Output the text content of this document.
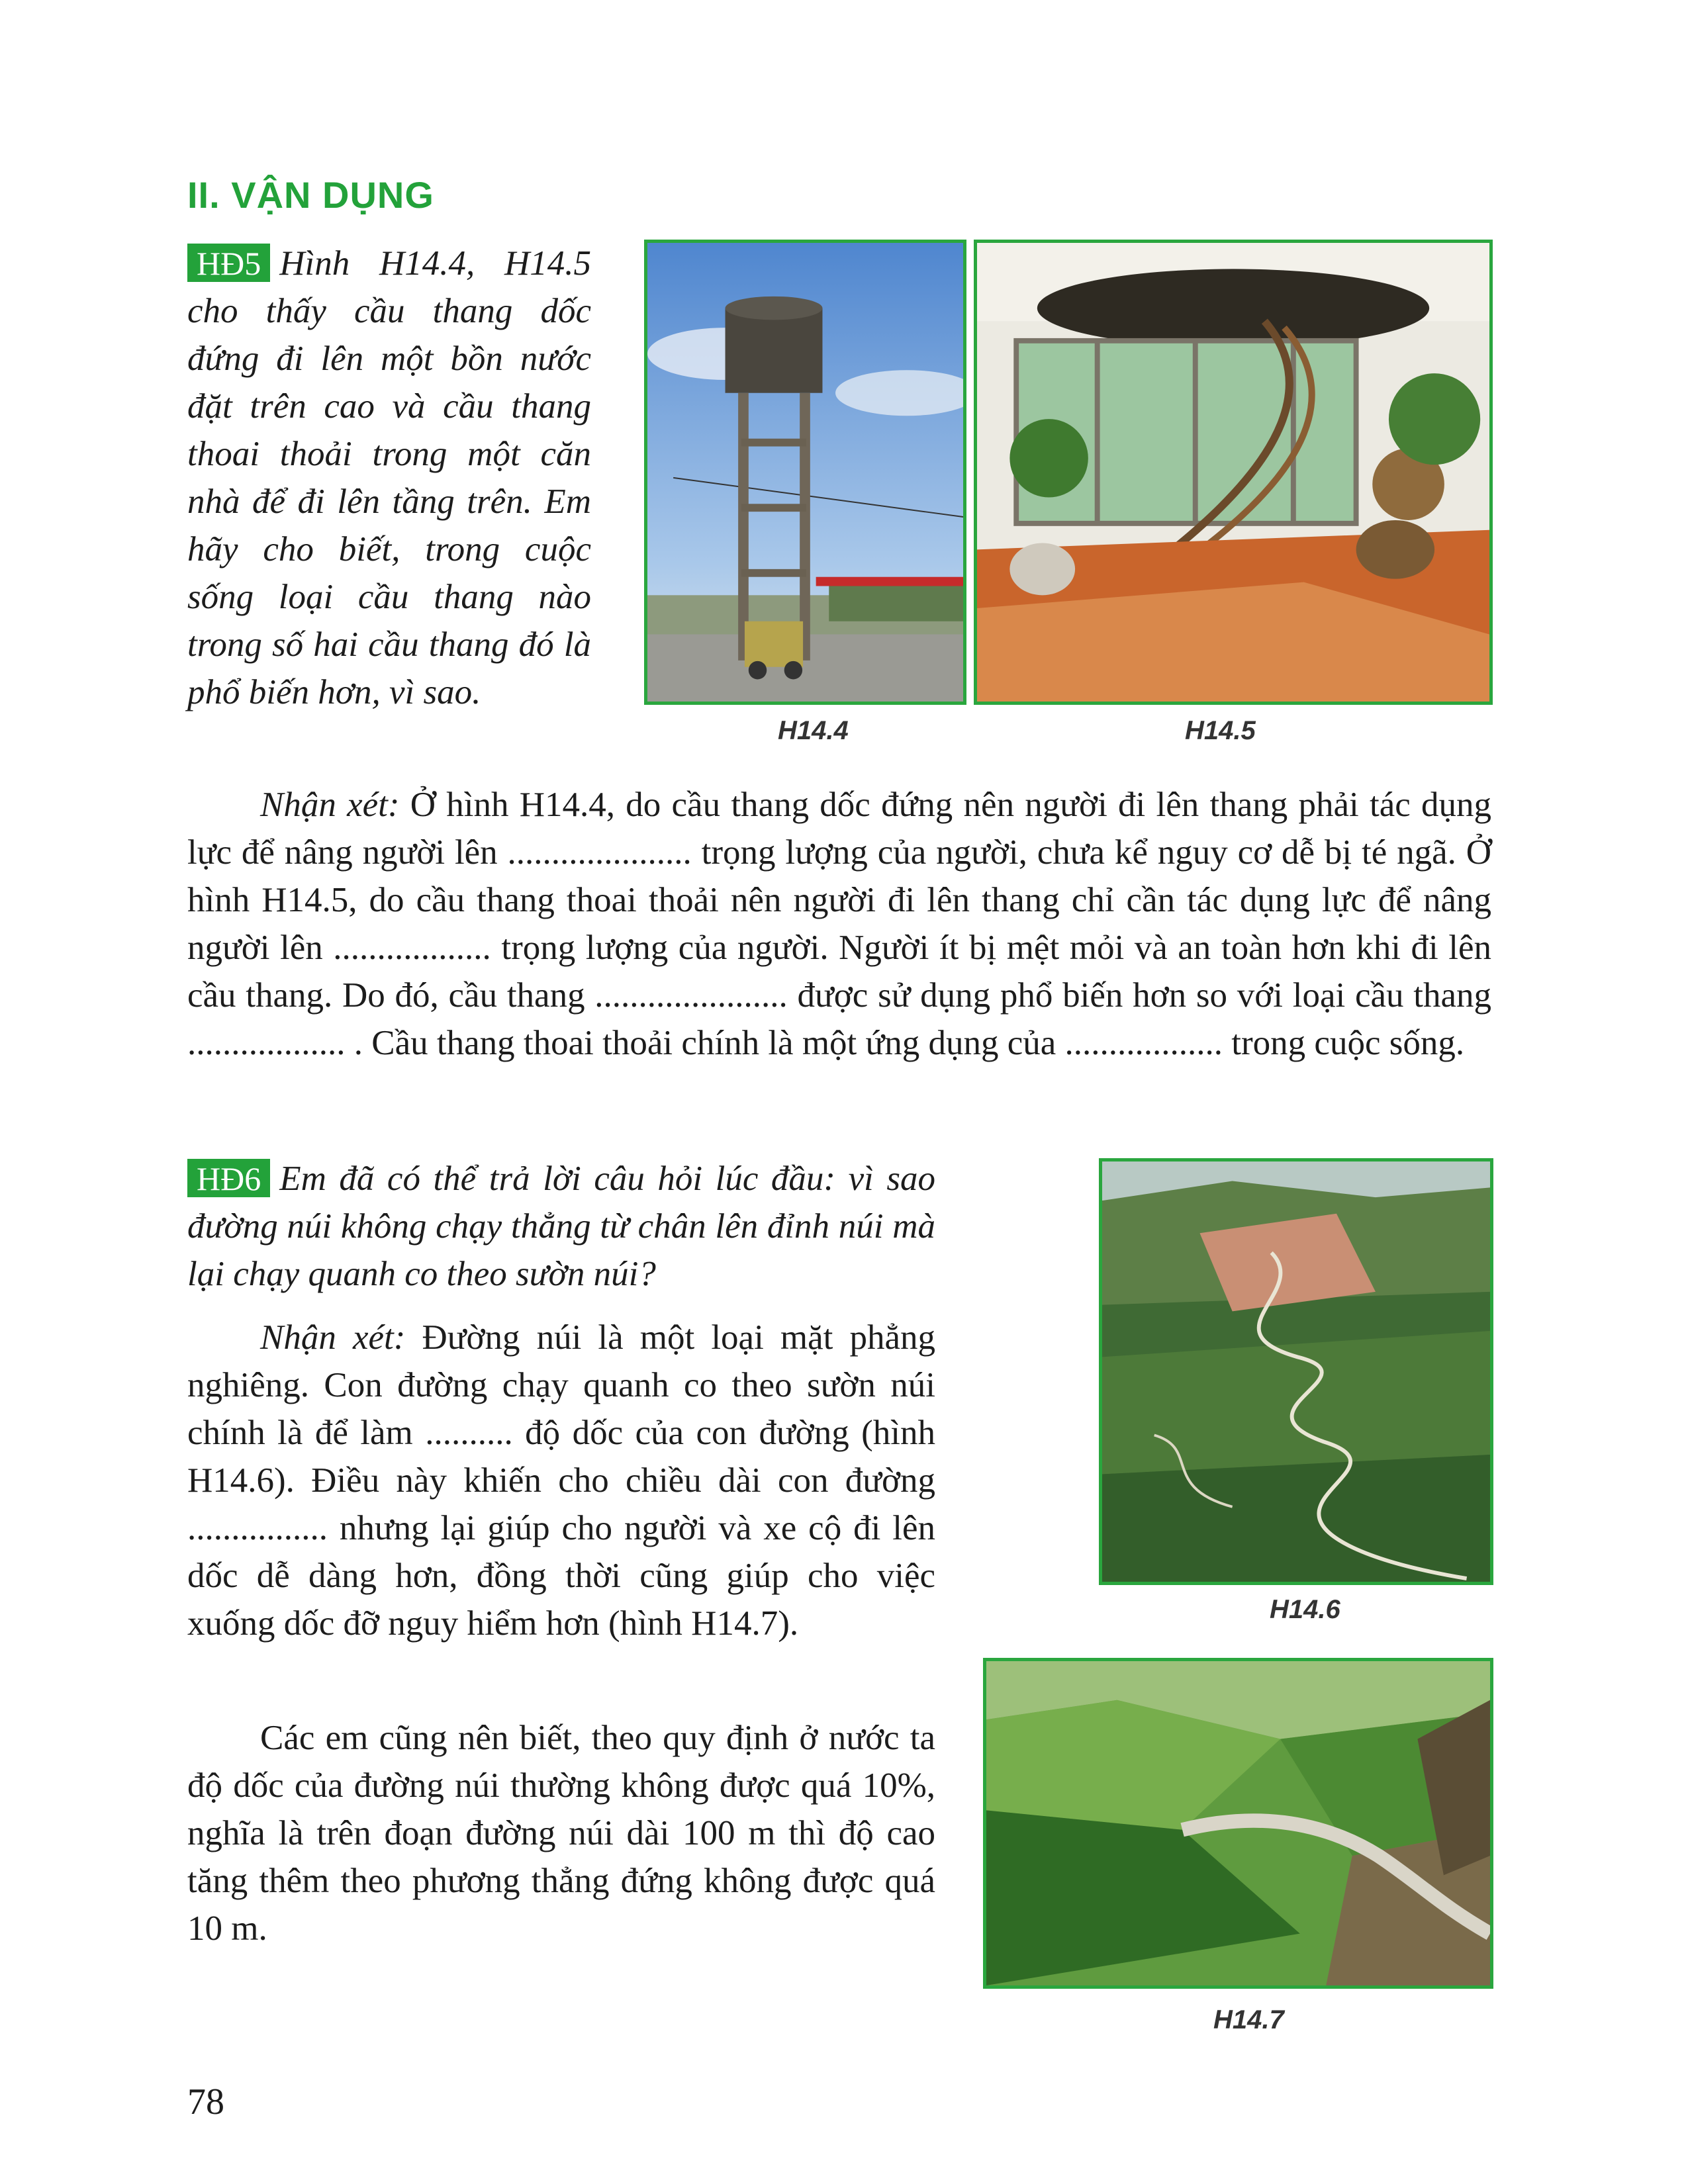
II. VẬN DỤNG

HĐ5 Hình H14.4, H14.5 cho thấy cầu thang dốc đứng đi lên một bồn nước đặt trên cao và cầu thang thoai thoải trong một căn nhà để đi lên tầng trên. Em hãy cho biết, trong cuộc sống loại cầu thang nào trong số hai cầu thang đó là phổ biến hơn, vì sao.

H14.4	H14.5

Nhận xét: Ở hình H14.4, do cầu thang dốc đứng nên người đi lên thang phải tác dụng lực để nâng người lên ..................... trọng lượng của người, chưa kể nguy cơ dễ bị té ngã. Ở hình H14.5, do cầu thang thoai thoải nên người đi lên thang chỉ cần tác dụng lực để nâng người lên .................. trọng lượng của người. Người ít bị mệt mỏi và an toàn hơn khi đi lên cầu thang. Do đó, cầu thang ...................... được sử dụng phổ biến hơn so với loại cầu thang .................. . Cầu thang thoai thoải chính là một ứng dụng của .................. trong cuộc sống.

HĐ6 Em đã có thể trả lời câu hỏi lúc đầu: vì sao đường núi không chạy thẳng từ chân lên đỉnh núi mà lại chạy quanh co theo sườn núi?

Nhận xét: Đường núi là một loại mặt phẳng nghiêng. Con đường chạy quanh co theo sườn núi chính là để làm .......... độ dốc của con đường (hình H14.6). Điều này khiến cho chiều dài con đường ................ nhưng lại giúp cho người và xe cộ đi lên dốc dễ dàng hơn, đồng thời cũng giúp cho việc xuống dốc đỡ nguy hiểm hơn (hình H14.7).

Các em cũng nên biết, theo quy định ở nước ta độ dốc của đường núi thường không được quá 10%, nghĩa là trên đoạn đường núi dài 100 m thì độ cao tăng thêm theo phương thẳng đứng không được quá 10 m.

H14.6
H14.7
78
